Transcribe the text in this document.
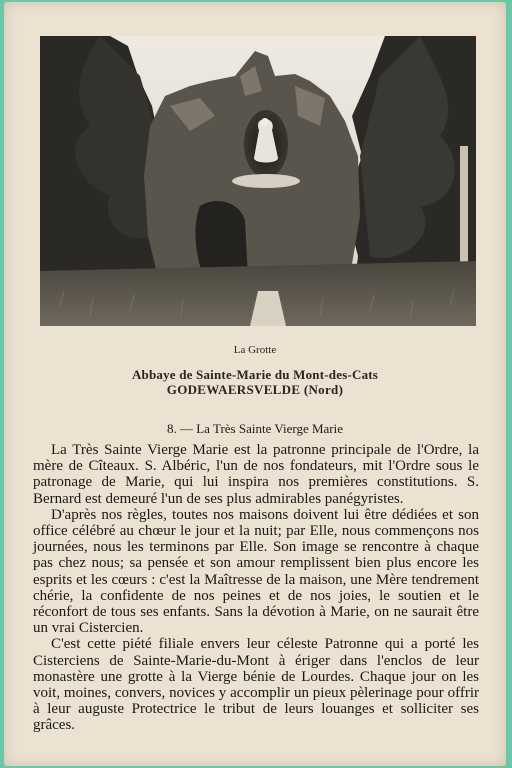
La Grotte
Abbaye de Sainte-Marie du Mont-des-Cats
GODEWAERSVELDE (Nord)
8. — La Très Sainte Vierge Marie

La Très Sainte Vierge Marie est la patronne principale de l'Ordre, la mère de Cîteaux. S. Albéric, l'un de nos fondateurs, mit l'Ordre sous le patronage de Marie, qui lui inspira nos premières constitutions. S. Bernard est demeuré l'un de ses plus admirables panégyristes.

D'après nos règles, toutes nos maisons doivent lui être dédiées et son office célébré au chœur le jour et la nuit; par Elle, nous commençons nos journées, nous les terminons par Elle. Son image se rencontre à chaque pas chez nous; sa pensée et son amour remplissent bien plus encore les esprits et les cœurs : c'est la Maîtresse de la maison, une Mère tendrement chérie, la confidente de nos peines et de nos joies, le soutien et le réconfort de tous ses enfants. Sans la dévotion à Marie, on ne saurait être un vrai Cistercien.

C'est cette piété filiale envers leur céleste Patronne qui a porté les Cisterciens de Sainte-Marie-du-Mont à ériger dans l'enclos de leur monastère une grotte à la Vierge bénie de Lourdes. Chaque jour on les voit, moines, convers, novices y accomplir un pieux pèlerinage pour offrir à leur auguste Protectrice le tribut de leurs louanges et solliciter ses grâces.
